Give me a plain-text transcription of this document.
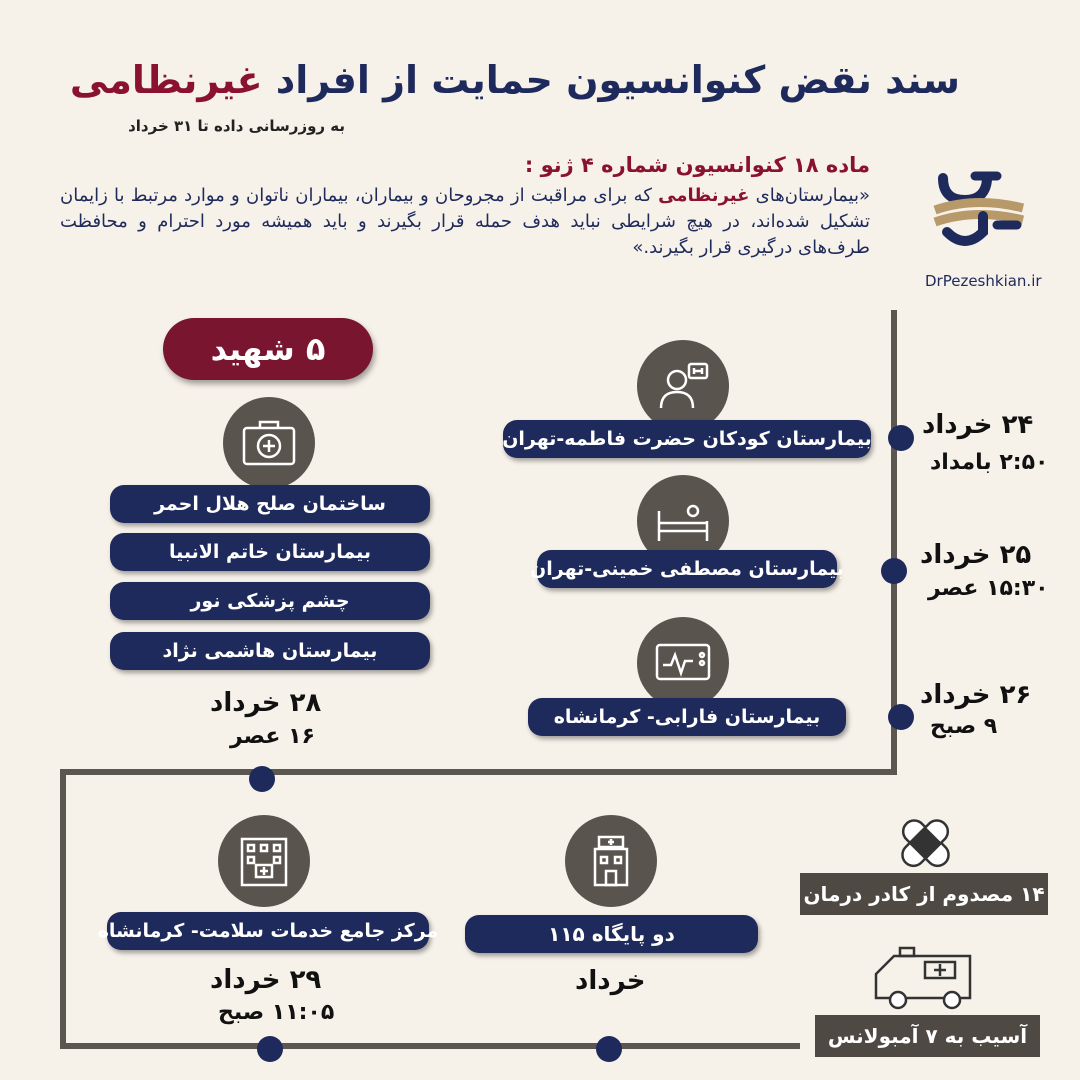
سند نقض کنوانسیون حمایت از افراد غیرنظامی
به روزرسانی داده تا ۳۱ خرداد
ماده ۱۸ کنوانسیون شماره ۴ ژنو :
«بیمارستان‌های غیرنظامی که برای مراقبت از مجروحان و بیماران، بیماران ناتوان و موارد مرتبط با زایمان تشکیل شده‌اند، در هیچ شرایطی نباید هدف حمله قرار بگیرند و باید همیشه مورد احترام و محافظت طرف‌های درگیری قرار بگیرند.»
DrPezeshkian.ir
بیمارستان کودکان حضرت فاطمه-تهران
بیمارستان مصطفی خمینی-تهران
بیمارستان فارابی- کرمانشاه
۲۴ خرداد
۲:۵۰ بامداد
۲۵ خرداد
۱۵:۳۰ عصر
۲۶ خرداد
۹ صبح
۵ شهید
ساختمان صلح هلال احمر
بیمارستان خاتم الانبیا
چشم پزشکی نور
بیمارستان هاشمی نژاد
۲۸ خرداد
۱۶ عصر
مرکز جامع خدمات سلامت- کرمانشاه
۲۹ خرداد
۱۱:۰۵ صبح
دو پایگاه ۱۱۵
خرداد
۱۴ مصدوم از کادر درمان
آسیب به ۷ آمبولانس
